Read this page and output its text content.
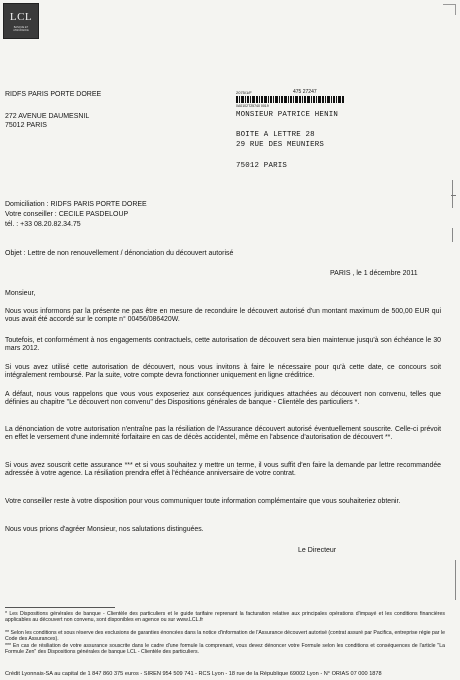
LCL
BANQUE ET ASSURANCE
RIDFS PARIS PORTE DOREE
272 AVENUE DAUMESNIL
75012 PARIS
2075/1/F	475 27247
0A0102T25740 0019
MONSIEUR PATRICE HENIN
BOITE A LETTRE 28
29 RUE DES MEUNIERS
75012 PARIS
Domiciliation : RIDFS PARIS PORTE DOREE
Votre conseiller : CECILE PASDELOUP
tél. : +33 08.20.82.34.75
Objet : Lettre de non renouvellement / dénonciation du découvert autorisé
PARIS , le 1 décembre 2011
Monsieur,
Nous vous informons par la présente ne pas être en mesure de reconduire le découvert autorisé d'un montant maximum de 500,00 EUR qui vous avait été accordé sur le compte n° 00456/086420W.
Toutefois, et conformément à nos engagements contractuels, cette autorisation de découvert sera bien maintenue jusqu'à son échéance le 30 mars 2012.
Si vous avez utilisé cette autorisation de découvert, nous vous invitons à faire le nécessaire pour qu'à cette date, ce concours soit intégralement remboursé. Par la suite, votre compte devra fonctionner uniquement en ligne créditrice.
A défaut, nous vous rappelons que vous vous exposeriez aux conséquences juridiques attachées au découvert non convenu, telles que définies au chapitre "Le découvert non convenu" des Dispositions générales de banque - Clientèle des particuliers *.
La dénonciation de votre autorisation n'entraîne pas la résiliation de l'Assurance découvert autorisé éventuellement souscrite. Celle-ci prévoit en effet le versement d'une indemnité forfaitaire en cas de décès accidentel, même en l'absence d'autorisation de découvert **.
Si vous avez souscrit cette assurance *** et si vous souhaitez y mettre un terme, il vous suffit d'en faire la demande par lettre recommandée adressée à votre agence. La résiliation prendra effet à l'échéance anniversaire de votre contrat.
Votre conseiller reste à votre disposition pour vous communiquer toute information complémentaire que vous souhaiteriez obtenir.
Nous vous prions d'agréer Monsieur, nos salutations distinguées.
Le Directeur
* Les Dispositions générales de banque - Clientèle des particuliers et le guide tarifaire reprenant la facturation relative aux principales opérations d'impayé et les conditions financières applicables au découvert non convenu, sont disponibles en agence ou sur www.LCL.fr
** Selon les conditions et sous réserve des exclusions de garanties énoncées dans la notice d'information de l'Assurance découvert autorisé (contrat assuré par Pacifica, entreprise régie par le Code des Assurances).
*** En cas de résiliation de votre assurance souscrite dans le cadre d'une formule la comprenant, vous devez dénoncer votre Formule selon les conditions et conséquences de l'article "La Formule Zen" des Dispositions générales de banque LCL - Clientèle des particuliers.
Crédit Lyonnais-SA au capital de 1 847 860 375 euros - SIREN 954 509 741 - RCS Lyon - 18 rue de la République 69002 Lyon - N° ORIAS 07 000 1878
